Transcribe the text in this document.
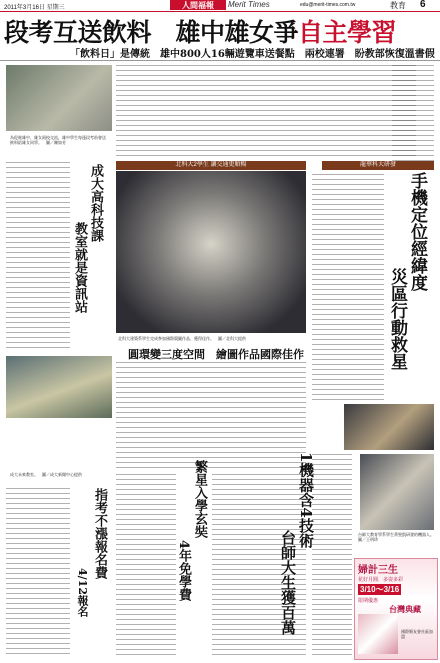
2011年3月16日 星期三	人間福報	Merit Times	edu@merit-times.com.tw	教育 6
段考互送飲料　雄中雄女爭自主學習
「飲料日」是傳統　雄中800人16輛遊覽車送餐點　兩校連署　盼教部恢復溫書假
為促進雄中、雄女兩校交流，雄中學生每逢段考前會送飲料給雄女同學。　圖／陳如芳
成大高科技課
教室就是資訊站
成大未來教室。　圖／成大新聞中心提供
指考不漲報名費
4/12報名
北科大2學生 讓交通更順暢
北科大建築系學生完成參加國際競圖作品，獲得佳作。　圖／北科大提供
圓環變三度空間　繪圖作品國際佳作
繁星入學玄奘
4年免學費
龍華科大研發
手機定位經緯度
災區行動救星
1機器含4技術
台師大生獲百萬	台師大教育學系學生黃聖凱研發的機器人。　圖／王明珍
婦計三生
花好月圓．多姿多彩
3/10～3/16
限期優惠
台灣典藏
國際婚友會社區加盟
